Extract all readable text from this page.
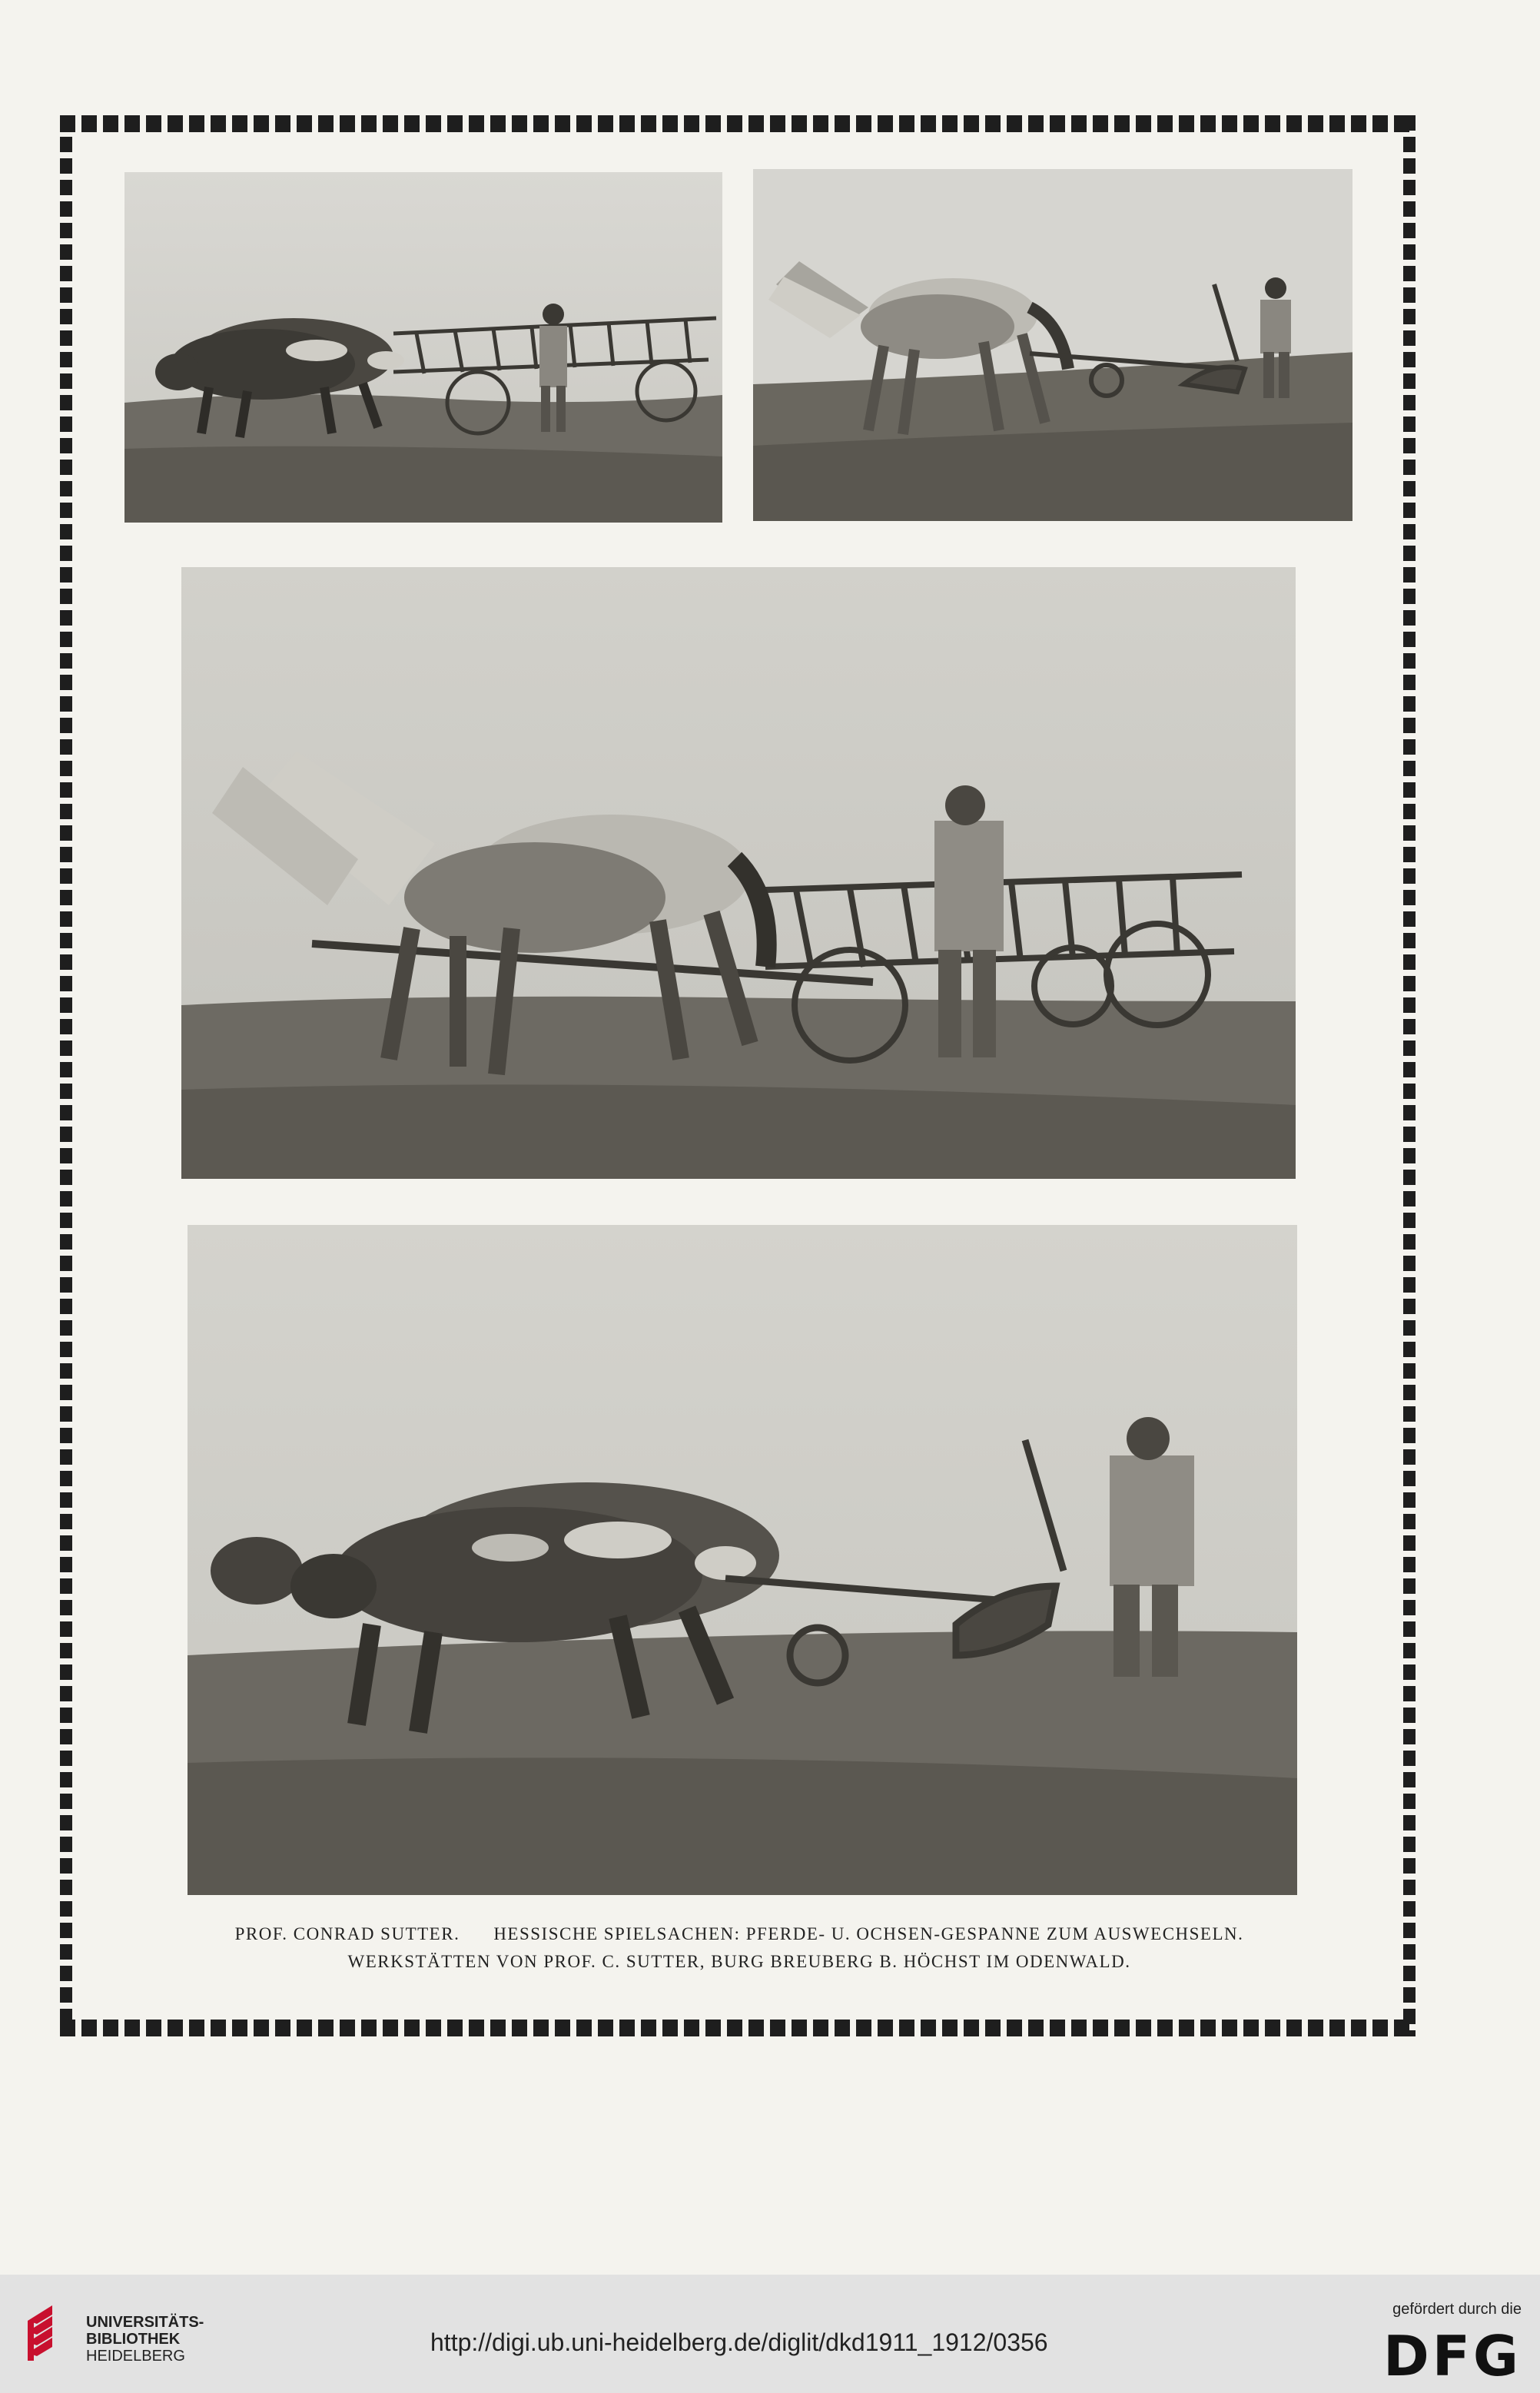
PROF. CONRAD SUTTER. HESSISCHE SPIELSACHEN: PFERDE- U. OCHSEN-GESPANNE ZUM AUSWECHSELN.
WERKSTÄTTEN VON PROF. C. SUTTER, BURG BREUBERG B. HÖCHST IM ODENWALD.
UNIVERSITÄTS-
BIBLIOTHEK
HEIDELBERG	http://digi.ub.uni-heidelberg.de/diglit/dkd1911_1912/0356
gefördert durch die
DFG
